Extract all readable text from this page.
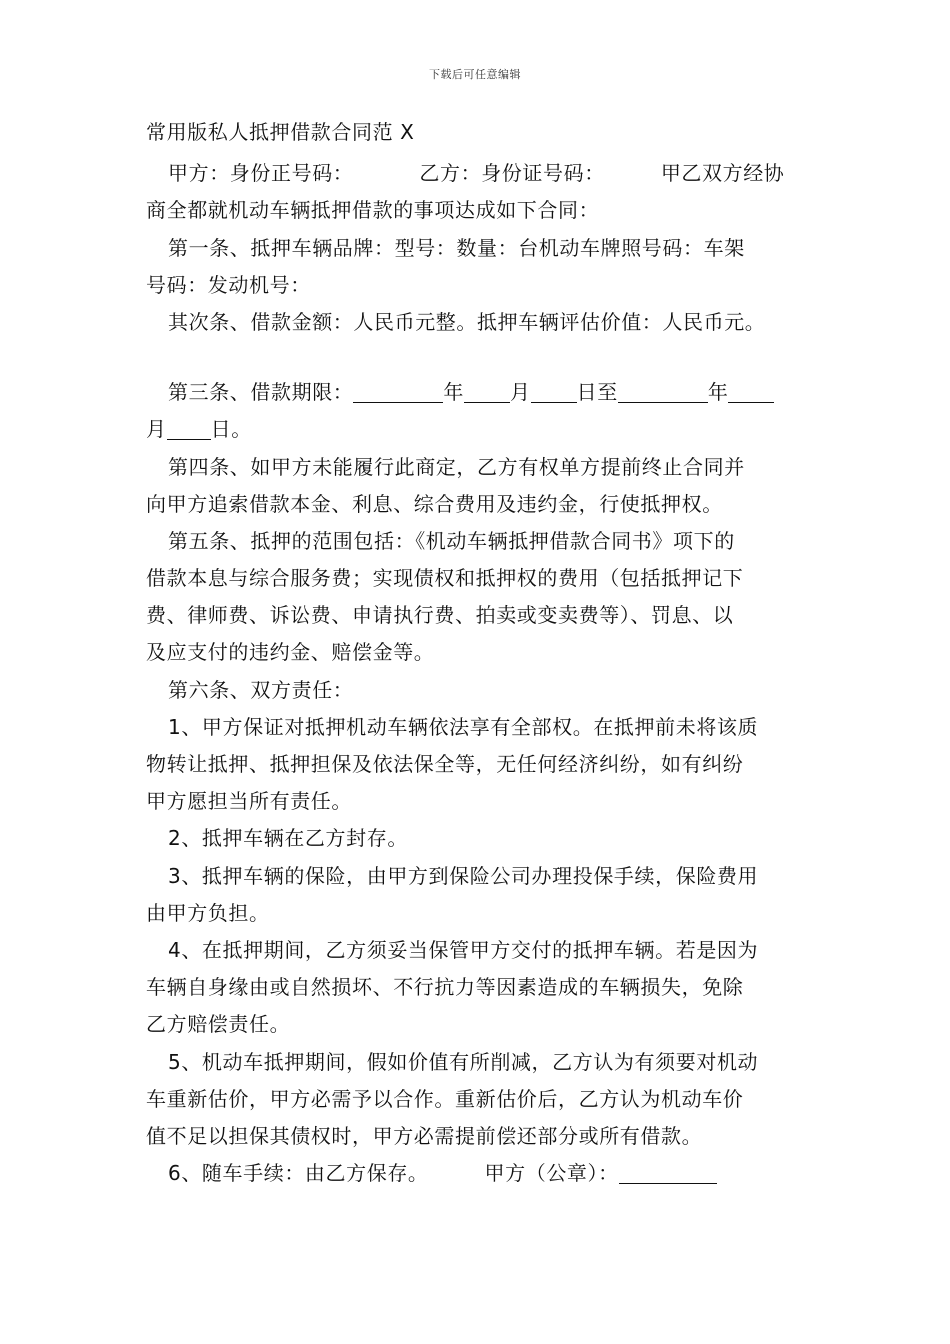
下载后可任意编辑
常用版私人抵押借款合同范 X
甲方：身份正号码：	乙方：身份证号码：	甲乙双方经协
商全都就机动车辆抵押借款的事项达成如下合同：
第一条、抵押车辆品牌：型号：数量：台机动车牌照号码：车架
号码：发动机号：
其次条、借款金额：人民币元整。抵押车辆评估价值：人民币元。
第三条、借款期限：	年 月 日至	年
月 日。
第四条、如甲方未能履行此商定，乙方有权单方提前终止合同并
向甲方追索借款本金、利息、综合费用及违约金，行使抵押权。
第五条、抵押的范围包括：《机动车辆抵押借款合同书》项下的
借款本息与综合服务费；实现债权和抵押权的费用（包括抵押记下
费、律师费、诉讼费、申请执行费、拍卖或变卖费等）、罚息、以
及应支付的违约金、赔偿金等。
第六条、双方责任：
1、甲方保证对抵押机动车辆依法享有全部权。在抵押前未将该质
物转让抵押、抵押担保及依法保全等，无任何经济纠纷，如有纠纷
甲方愿担当所有责任。
2、抵押车辆在乙方封存。
3、抵押车辆的保险，由甲方到保险公司办理投保手续，保险费用
由甲方负担。
4、在抵押期间，乙方须妥当保管甲方交付的抵押车辆。若是因为
车辆自身缘由或自然损坏、不行抗力等因素造成的车辆损失，免除
乙方赔偿责任。
5、机动车抵押期间，假如价值有所削减，乙方认为有须要对机动
车重新估价，甲方必需予以合作。重新估价后，乙方认为机动车价
值不足以担保其债权时，甲方必需提前偿还部分或所有借款。
6、随车手续：由乙方保存。	甲方（公章）：
